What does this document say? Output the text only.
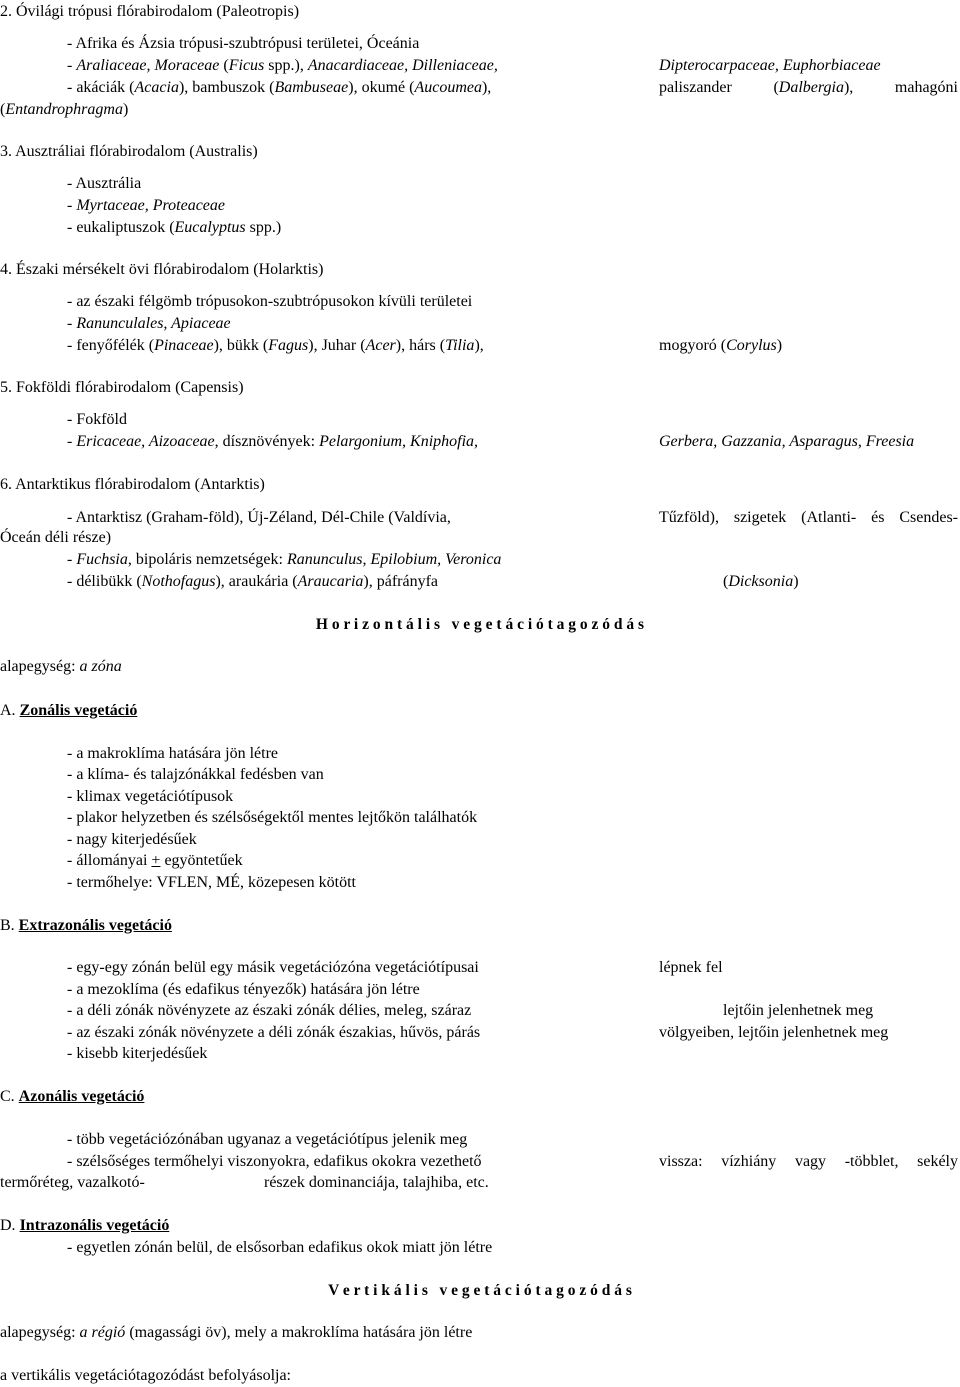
2. Óvilági trópusi flórabirodalom (Paleotropis)
- Afrika és Ázsia trópusi-szubtrópusi területei, Óceánia
- Araliaceae, Moraceae (Ficus spp.), Anacardiaceae, Dilleniaceae,	Dipterocarpaceae, Euphorbiaceae
- akáciák (Acacia), bambuszok (Bambuseae), okumé (Aucoumea),	paliszander (Dalbergia), mahagóni
(Entandrophragma)
3. Ausztráliai flórabirodalom (Australis)
- Ausztrália
- Myrtaceae, Proteaceae
- eukaliptuszok (Eucalyptus spp.)
4. Északi mérsékelt övi flórabirodalom (Holarktis)
- az északi félgömb trópusokon-szubtrópusokon kívüli területei
- Ranunculales, Apiaceae
- fenyőfélék (Pinaceae), bükk (Fagus), Juhar (Acer), hárs (Tilia),	mogyoró (Corylus)
5. Fokföldi flórabirodalom (Capensis)
- Fokföld
- Ericaceae, Aizoaceae, dísznövények: Pelargonium, Kniphofia,	Gerbera, Gazzania, Asparagus, Freesia
6. Antarktikus flórabirodalom (Antarktis)
- Antarktisz (Graham-föld), Új-Zéland, Dél-Chile (Valdívia,	Tűzföld), szigetek (Atlanti- és Csendes-
Óceán déli része)
- Fuchsia, bipoláris nemzetségek: Ranunculus, Epilobium, Veronica
- délibükk (Nothofagus), araukária (Araucaria), páfrányfa	(Dicksonia)
H o r i z o n t á l i s   v e g e t á c i ó t a g o z ó d á s
alapegység: a zóna
A. Zonális vegetáció
- a makroklíma hatására jön létre
- a klíma- és talajzónákkal fedésben van
- klimax vegetációtípusok
- plakor helyzetben és szélsőségektől mentes lejtőkön találhatók
- nagy kiterjedésűek
- állományai + egyöntetűek
- termőhelye: VFLEN, MÉ, közepesen kötött
B. Extrazonális vegetáció
- egy-egy zónán belül egy másik vegetációzóna vegetációtípusai	lépnek fel
- a mezoklíma (és edafikus tényezők) hatására jön létre
- a déli zónák növényzete az északi zónák délies, meleg, száraz	lejtőin jelenhetnek meg
- az északi zónák növényzete a déli zónák északias, hűvös, párás	völgyeiben, lejtőin jelenhetnek meg
- kisebb kiterjedésűek
C. Azonális vegetáció
- több vegetációzónában ugyanaz a vegetációtípus jelenik meg
- szélsőséges termőhelyi viszonyokra, edafikus okokra vezethető	vissza: vízhiány vagy -többlet, sekély
termőréteg, vazalkotó-	részek dominanciája, talajhiba, etc.
D. Intrazonális vegetáció
- egyetlen zónán belül, de elsősorban edafikus okok miatt jön létre
V e r t i k á l i s   v e g e t á c i ó t a g o z ó d á s
alapegység: a régió (magassági öv), mely a makroklíma hatására jön létre
a vertikális vegetációtagozódást befolyásolja:
